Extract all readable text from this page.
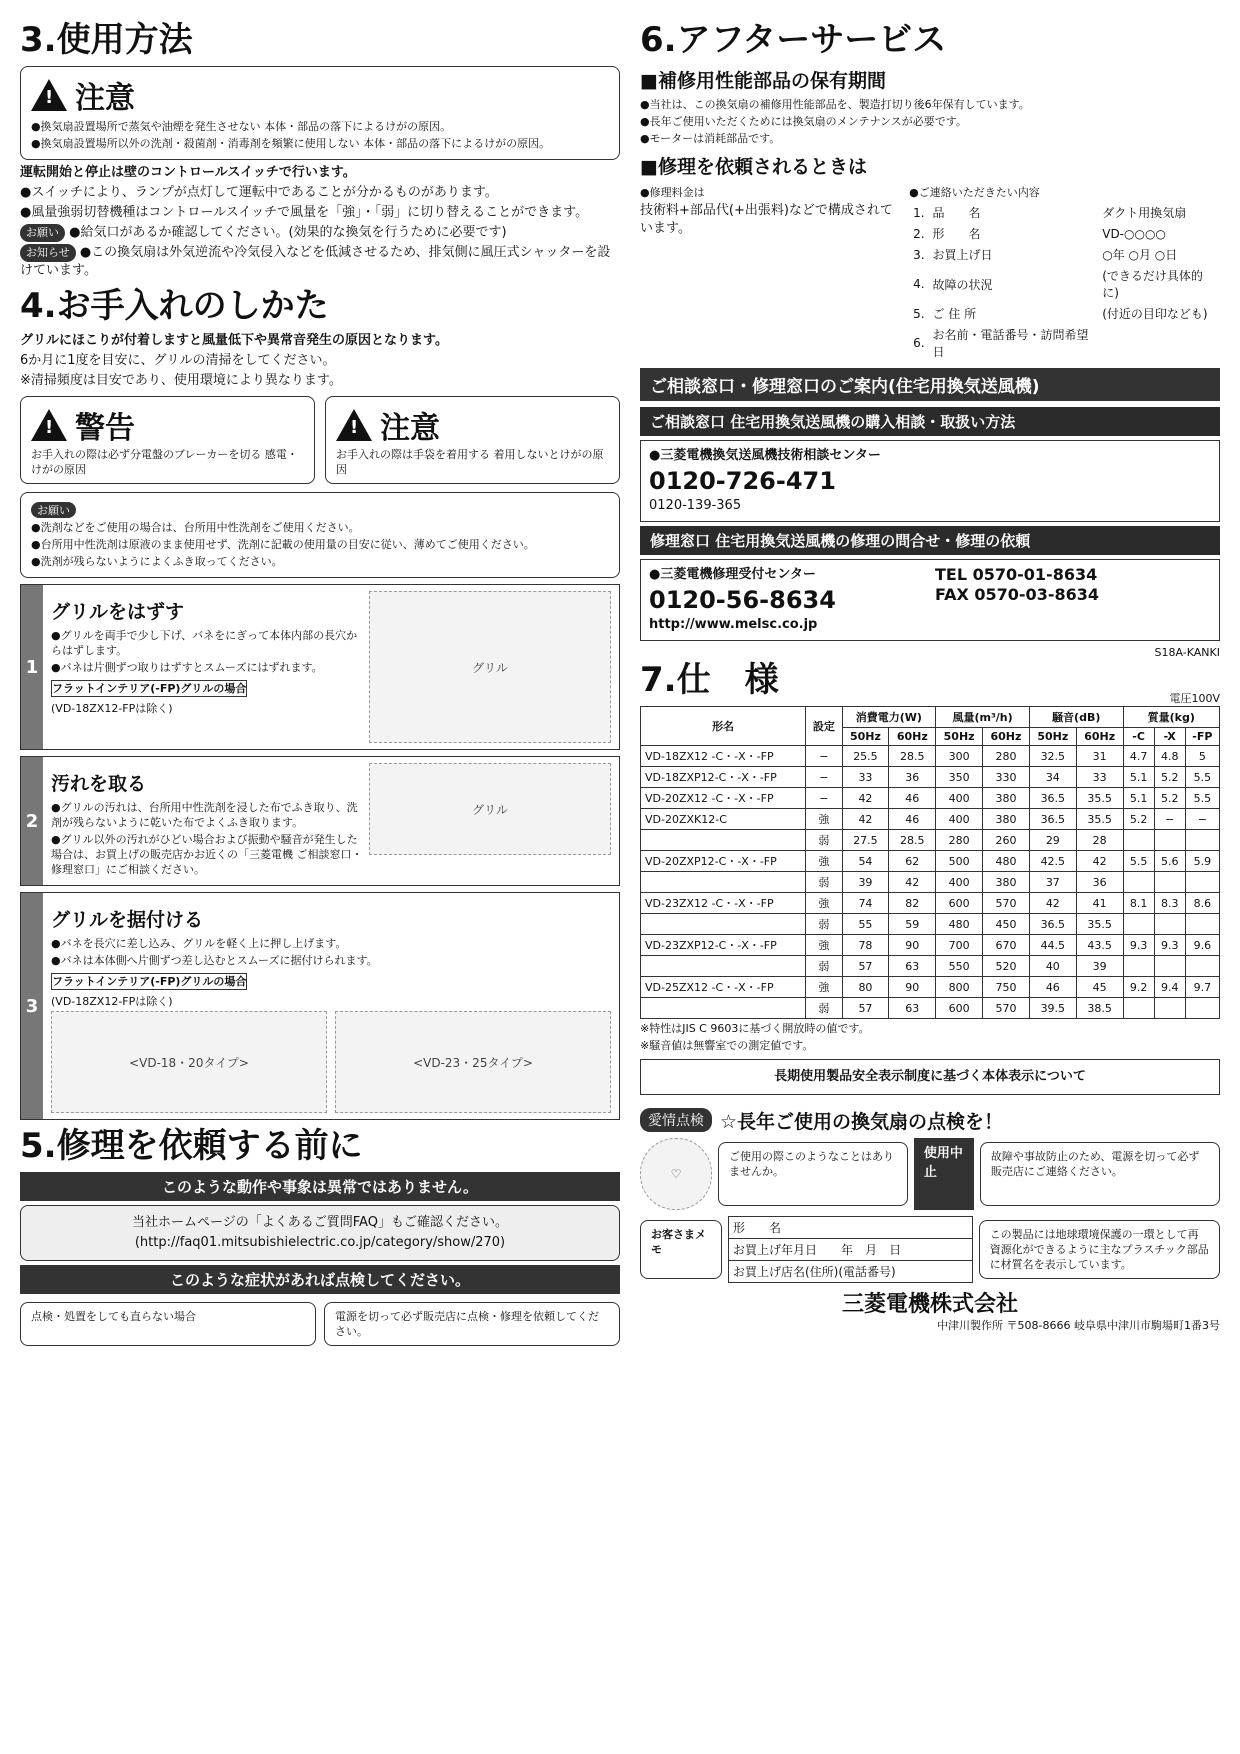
3.使用方法
!
注意
●換気扇設置場所で蒸気や油煙を発生させない 本体・部品の落下によるけがの原因。
●換気扇設置場所以外の洗剤・殺菌剤・消毒剤を頻繁に使用しない 本体・部品の落下によるけがの原因。
運転開始と停止は壁のコントロールスイッチで行います。
●スイッチにより、ランプが点灯して運転中であることが分かるものがあります。
●風量強弱切替機種はコントロールスイッチで風量を「強」・「弱」に切り替えることができます。
お願い ●給気口があるか確認してください。(効果的な換気を行うために必要です)
お知らせ ●この換気扇は外気逆流や冷気侵入などを低減させるため、排気側に風圧式シャッターを設けています。
4.お手入れのしかた
グリルにほこりが付着しますと風量低下や異常音発生の原因となります。
6か月に1度を目安に、グリルの清掃をしてください。
※清掃頻度は目安であり、使用環境により異なります。
!
警告
お手入れの際は必ず分電盤のブレーカーを切る 感電・けがの原因
!
注意
お手入れの際は手袋を着用する 着用しないとけがの原因
お願い
●洗剤などをご使用の場合は、台所用中性洗剤をご使用ください。
●台所用中性洗剤は原液のまま使用せず、洗剤に記載の使用量の目安に従い、薄めてご使用ください。
●洗剤が残らないようによくふき取ってください。
1
グリルをはずす
●グリルを両手で少し下げ、バネをにぎって本体内部の長穴からはずします。
●バネは片側ずつ取りはずすとスムーズにはずれます。
フラットインテリア(-FP)グリルの場合
(VD-18ZX12-FPは除く)
グリル
2
汚れを取る
●グリルの汚れは、台所用中性洗剤を浸した布でふき取り、洗剤が残らないように乾いた布でよくふき取ります。
●グリル以外の汚れがひどい場合および振動や騒音が発生した場合は、お買上げの販売店かお近くの「三菱電機 ご相談窓口・修理窓口」にご相談ください。
グリル
3
グリルを据付ける
●バネを長穴に差し込み、グリルを軽く上に押し上げます。
●バネは本体側へ片側ずつ差し込むとスムーズに据付けられます。
フラットインテリア(-FP)グリルの場合
(VD-18ZX12-FPは除く)
<VD-18・20タイプ>	<VD-23・25タイプ>
5.修理を依頼する前に
このような動作や事象は異常ではありません。
当社ホームページの「よくあるご質問FAQ」もご確認ください。
(http://faq01.mitsubishielectric.co.jp/category/show/270)
このような症状があれば点検してください。
点検・処置をしても直らない場合	電源を切って必ず販売店に点検・修理を依頼してください。
6.アフターサービス
■補修用性能部品の保有期間
●当社は、この換気扇の補修用性能部品を、製造打切り後6年保有しています。
●長年ご使用いただくためには換気扇のメンテナンスが必要です。
●モーターは消耗部品です。
■修理を依頼されるときは
●修理料金は
技術料+部品代(+出張料)などで構成されています。
●ご連絡いただきたい内容
1.	品　　名	ダクト用換気扇
2.	形　　名	VD-○○○○
3.	お買上げ日	○年 ○月 ○日
4.	故障の状況	(できるだけ具体的に)
5.	ご 住 所	(付近の目印なども)
6.	お名前・電話番号・訪問希望日	
ご相談窓口・修理窓口のご案内(住宅用換気送風機)
ご相談窓口 住宅用換気送風機の購入相談・取扱い方法
●三菱電機換気送風機技術相談センター
0120-726-471
0120-139-365
修理窓口 住宅用換気送風機の修理の問合せ・修理の依頼
●三菱電機修理受付センター
0120-56-8634
http://www.melsc.co.jp
TEL 0570-01-8634
FAX 0570-03-8634
S18A-KANKI
7.仕　様	電圧100V
形名	設定	消費電力(W)		風量(m³/h)		騒音(dB)		質量(kg)		
		50Hz	60Hz	50Hz	60Hz	50Hz	60Hz	-C	-X	-FP
VD-18ZX12 -C・-X・-FP	−	25.5	28.5	300	280	32.5	31	4.7	4.8	5
VD-18ZXP12-C・-X・-FP	−	33	36	350	330	34	33	5.1	5.2	5.5
VD-20ZX12 -C・-X・-FP	−	42	46	400	380	36.5	35.5	5.1	5.2	5.5
VD-20ZXK12-C	強	42	46	400	380	36.5	35.5	5.2	−	−
	弱	27.5	28.5	280	260	29	28			
VD-20ZXP12-C・-X・-FP	強	54	62	500	480	42.5	42	5.5	5.6	5.9
	弱	39	42	400	380	37	36			
VD-23ZX12 -C・-X・-FP	強	74	82	600	570	42	41	8.1	8.3	8.6
	弱	55	59	480	450	36.5	35.5			
VD-23ZXP12-C・-X・-FP	強	78	90	700	670	44.5	43.5	9.3	9.3	9.6
	弱	57	63	550	520	40	39			
VD-25ZX12 -C・-X・-FP	強	80	90	800	750	46	45	9.2	9.4	9.7
	弱	57	63	600	570	39.5	38.5			
※特性はJIS C 9603に基づく開放時の値です。
※騒音値は無響室での測定値です。
長期使用製品安全表示制度に基づく本体表示について
愛情点検 ☆長年ご使用の換気扇の点検を！
♡
ご使用の際このようなことはありませんか。
使用中止
故障や事故防止のため、電源を切って必ず販売店にご連絡ください。
お客さまメモ
形　　名
お買上げ年月日　　 年　 月　 日
お買上げ店名(住所)(電話番号)
この製品には地球環境保護の一環として再資源化ができるように主なプラスチック部品に材質名を表示しています。
三菱電機株式会社
中津川製作所 〒508-8666 岐阜県中津川市駒場町1番3号
